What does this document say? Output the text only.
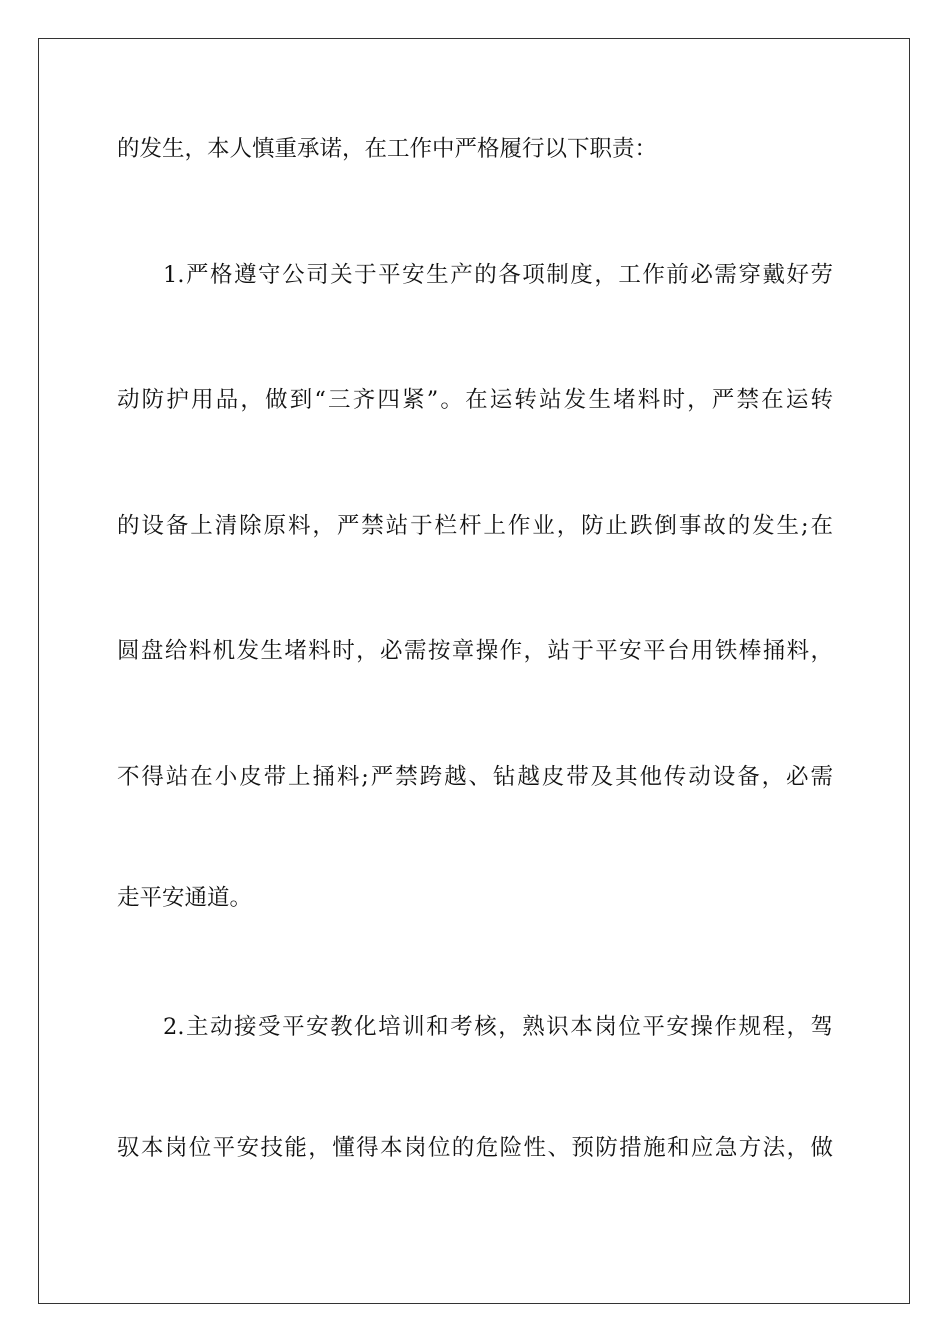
的发生，本人慎重承诺，在工作中严格履行以下职责：
1.严格遵守公司关于平安生产的各项制度，工作前必需穿戴好劳
动防护用品，做到“三齐四紧”。在运转站发生堵料时，严禁在运转
的设备上清除原料，严禁站于栏杆上作业，防止跌倒事故的发生;在
圆盘给料机发生堵料时，必需按章操作，站于平安平台用铁棒捅料，
不得站在小皮带上捅料;严禁跨越、钻越皮带及其他传动设备，必需
走平安通道。
2.主动接受平安教化培训和考核，熟识本岗位平安操作规程，驾
驭本岗位平安技能，懂得本岗位的危险性、预防措施和应急方法，做
